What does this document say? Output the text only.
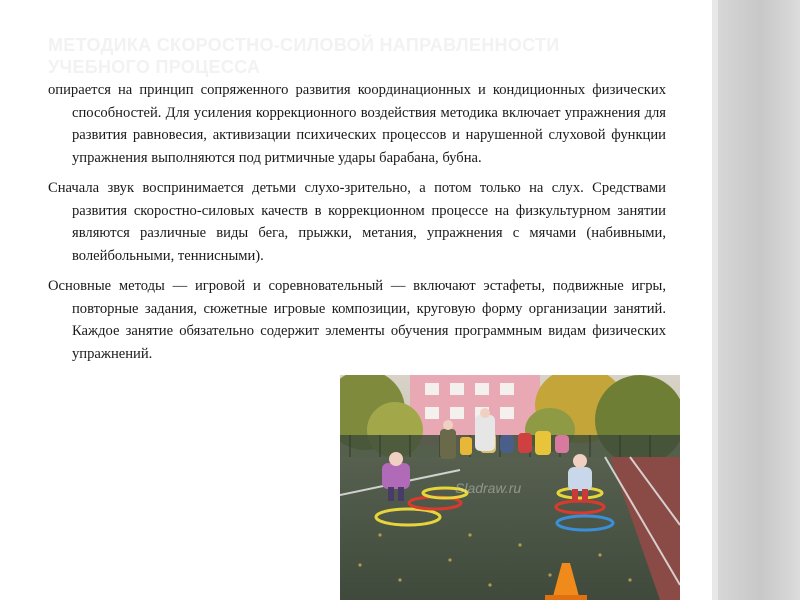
МЕТОДИКА СКОРОСТНО-СИЛОВОЙ НАПРАВЛЕННОСТИ УЧЕБНОГО ПРОЦЕССА

опирается на принцип сопряженного развития координационных и кондиционных физических способностей. Для усиления коррекционного воздействия методика включает упражнения для развития равновесия, активизации психических процессов и нарушенной слуховой функции упражнения выполняются под ритмичные удары барабана, бубна.

Сначала звук воспринимается детьми слухо-зрительно, а потом только на слух. Средствами развития скоростно-силовых качеств в коррекционном процессе на физкультурном занятии являются различные виды бега, прыжки, метания, упражнения с мячами (набивными, волейбольными, теннисными).

Основные методы — игровой и соревновательный — включают эстафеты, подвижные игры, повторные задания, сюжетные игровые композиции, круговую форму организации занятий. Каждое занятие обязательно содержит элементы обучения программным видам физических упражнений.

Sladraw.ru
